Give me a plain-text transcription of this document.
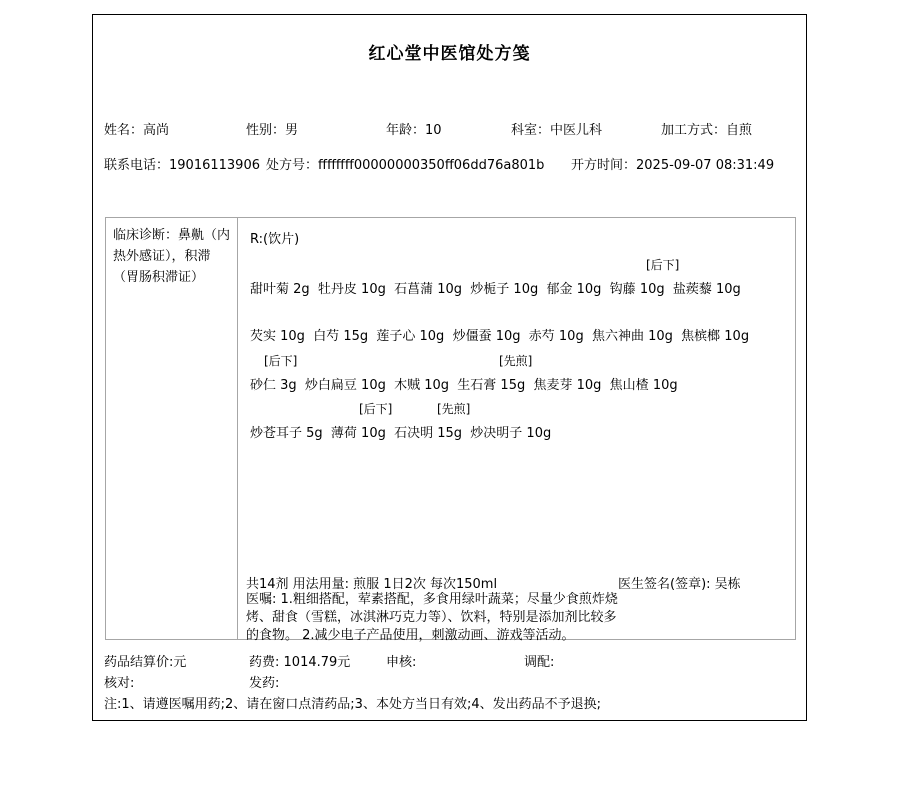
红心堂中医馆处方笺
姓名：高尚	性别：男	年龄：10	科室：中医儿科	加工方式：自煎
联系电话：19016113906 处方号：ffffffff00000000350ff06dd76a801b 开方时间：2025-09-07 08:31:49
临床诊断：鼻鼽（内热外感证），积滞（胃肠积滞证）
R:(饮片)
[后下]
甜叶菊 2g  牡丹皮 10g  石菖蒲 10g  炒栀子 10g  郁金 10g  钩藤 10g  盐蒺藜 10g
芡实 10g  白芍 15g  莲子心 10g  炒僵蚕 10g  赤芍 10g  焦六神曲 10g  焦槟榔 10g
[后下]	[先煎]
砂仁 3g  炒白扁豆 10g  木贼 10g  生石膏 15g  焦麦芽 10g  焦山楂 10g
[后下]	[先煎]
炒苍耳子 5g  薄荷 10g  石决明 15g  炒决明子 10g
共14剂 用法用量: 煎服 1日2次 每次150ml	医生签名(签章): 吴栋
医嘱: 1.粗细搭配，荤素搭配，多食用绿叶蔬菜；尽量少食煎炸烧烤、甜食（雪糕，冰淇淋巧克力等）、饮料，特别是添加剂比较多的食物。 2.减少电子产品使用，刺激动画、游戏等活动。
药品结算价:元	药费: 1014.79元	申核:	调配:
核对:	发药:
注:1、请遵医嘱用药;2、请在窗口点清药品;3、本处方当日有效;4、发出药品不予退换;
